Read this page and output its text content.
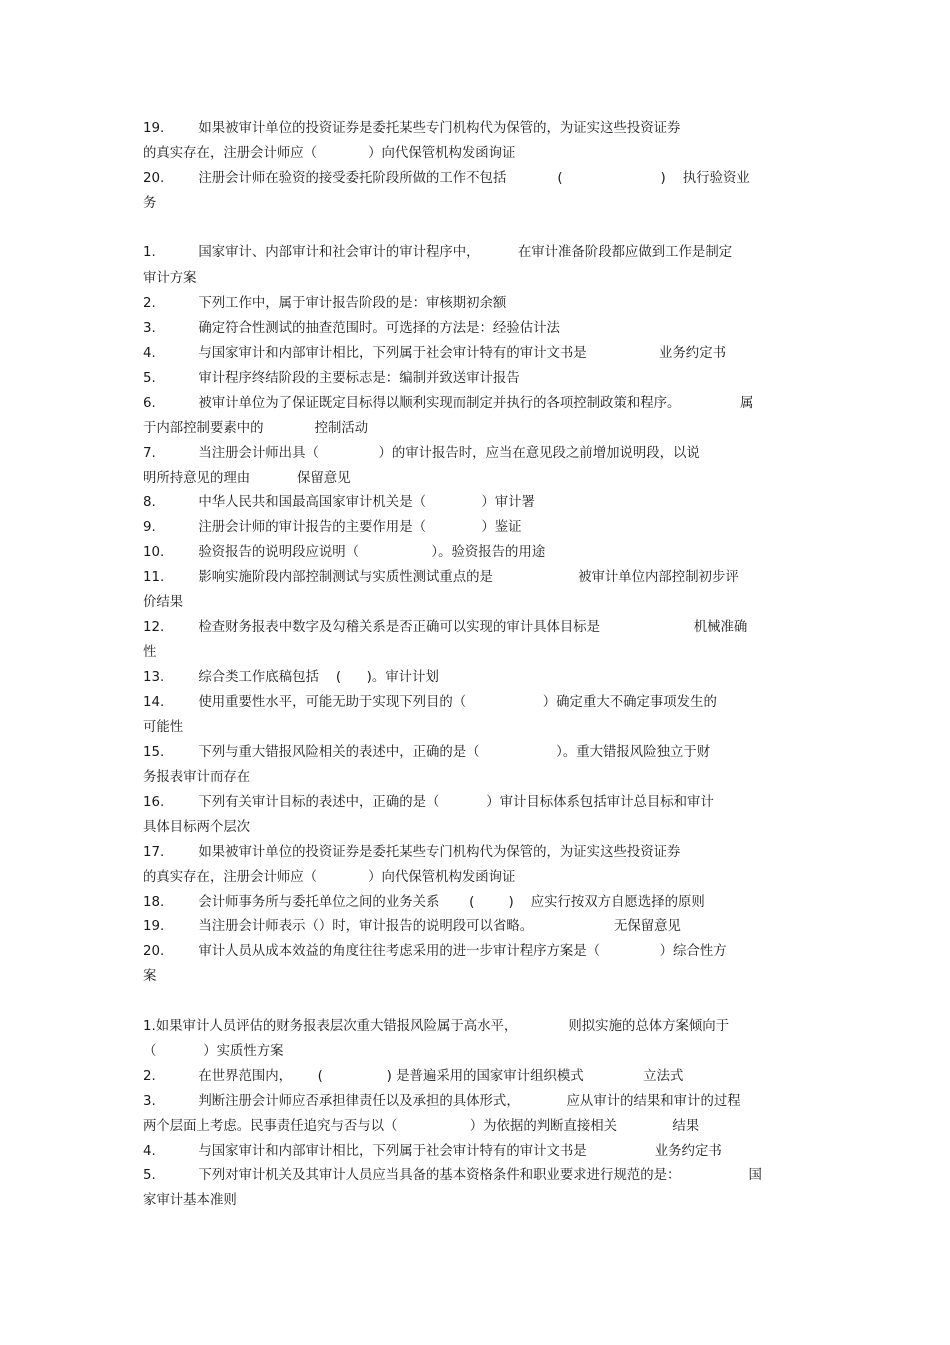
19.        如果被审计单位的投资证券是委托某些专门机构代为保管的，为证实这些投资证券
的真实存在，注册会计师应（            ）向代保管机构发函询证
20.        注册会计师在验资的接受委托阶段所做的工作不包括            (                       )    执行验资业
务
1.          国家审计、内部审计和社会审计的审计程序中，         在审计准备阶段都应做到工作是制定
审计方案
2.          下列工作中，属于审计报告阶段的是：审核期初余额
3.          确定符合性测试的抽查范围时。可选择的方法是：经验估计法
4.          与国家审计和内部审计相比，下列属于社会审计特有的审计文书是                 业务约定书
5.          审计程序终结阶段的主要标志是：编制并致送审计报告
6.          被审计单位为了保证既定目标得以顺利实现而制定并执行的各项控制政策和程序。              属
于内部控制要素中的            控制活动
7.          当注册会计师出具（              ）的审计报告时，应当在意见段之前增加说明段，以说
明所持意见的理由           保留意见
8.          中华人民共和国最高国家审计机关是（             ）审计署
9.          注册会计师的审计报告的主要作用是（             ）鉴证
10.        验资报告的说明段应说明（                 ）。验资报告的用途
11.        影响实施阶段内部控制测试与实质性测试重点的是                    被审计单位内部控制初步评
价结果
12.        检查财务报表中数字及勾稽关系是否正确可以实现的审计具体目标是                      机械准确
性
13.        综合类工作底稿包括    (      )。审计计划
14.        使用重要性水平，可能无助于实现下列目的（                  ）确定重大不确定事项发生的
可能性
15.        下列与重大错报风险相关的表述中，正确的是（                  ）。重大错报风险独立于财
务报表审计而存在
16.        下列有关审计目标的表述中，正确的是（           ）审计目标体系包括审计总目标和审计
具体目标两个层次
17.        如果被审计单位的投资证券是委托某些专门机构代为保管的，为证实这些投资证券
的真实存在，注册会计师应（            ）向代保管机构发函询证
18.        会计师事务所与委托单位之间的业务关系       (        )    应实行按双方自愿选择的原则
19.        当注册会计师表示（）时，审计报告的说明段可以省略。                   无保留意见
20.        审计人员从成本效益的角度往往考虑采用的进一步审计程序方案是（              ）综合性方
案
1.如果审计人员评估的财务报表层次重大错报风险属于高水平，            则拟实施的总体方案倾向于
（           ）实质性方案
2.          在世界范围内，      (               ) 是普遍采用的国家审计组织模式              立法式
3.          判断注册会计师应否承担律责任以及承担的具体形式，           应从审计的结果和审计的过程
两个层面上考虑。民事责任追究与否与以（                 ）为依据的判断直接相关             结果
4.          与国家审计和内部审计相比，下列属于社会审计特有的审计文书是                业务约定书
5.          下列对审计机关及其审计人员应当具备的基本资格条件和职业要求进行规范的是：                国
家审计基本准则
